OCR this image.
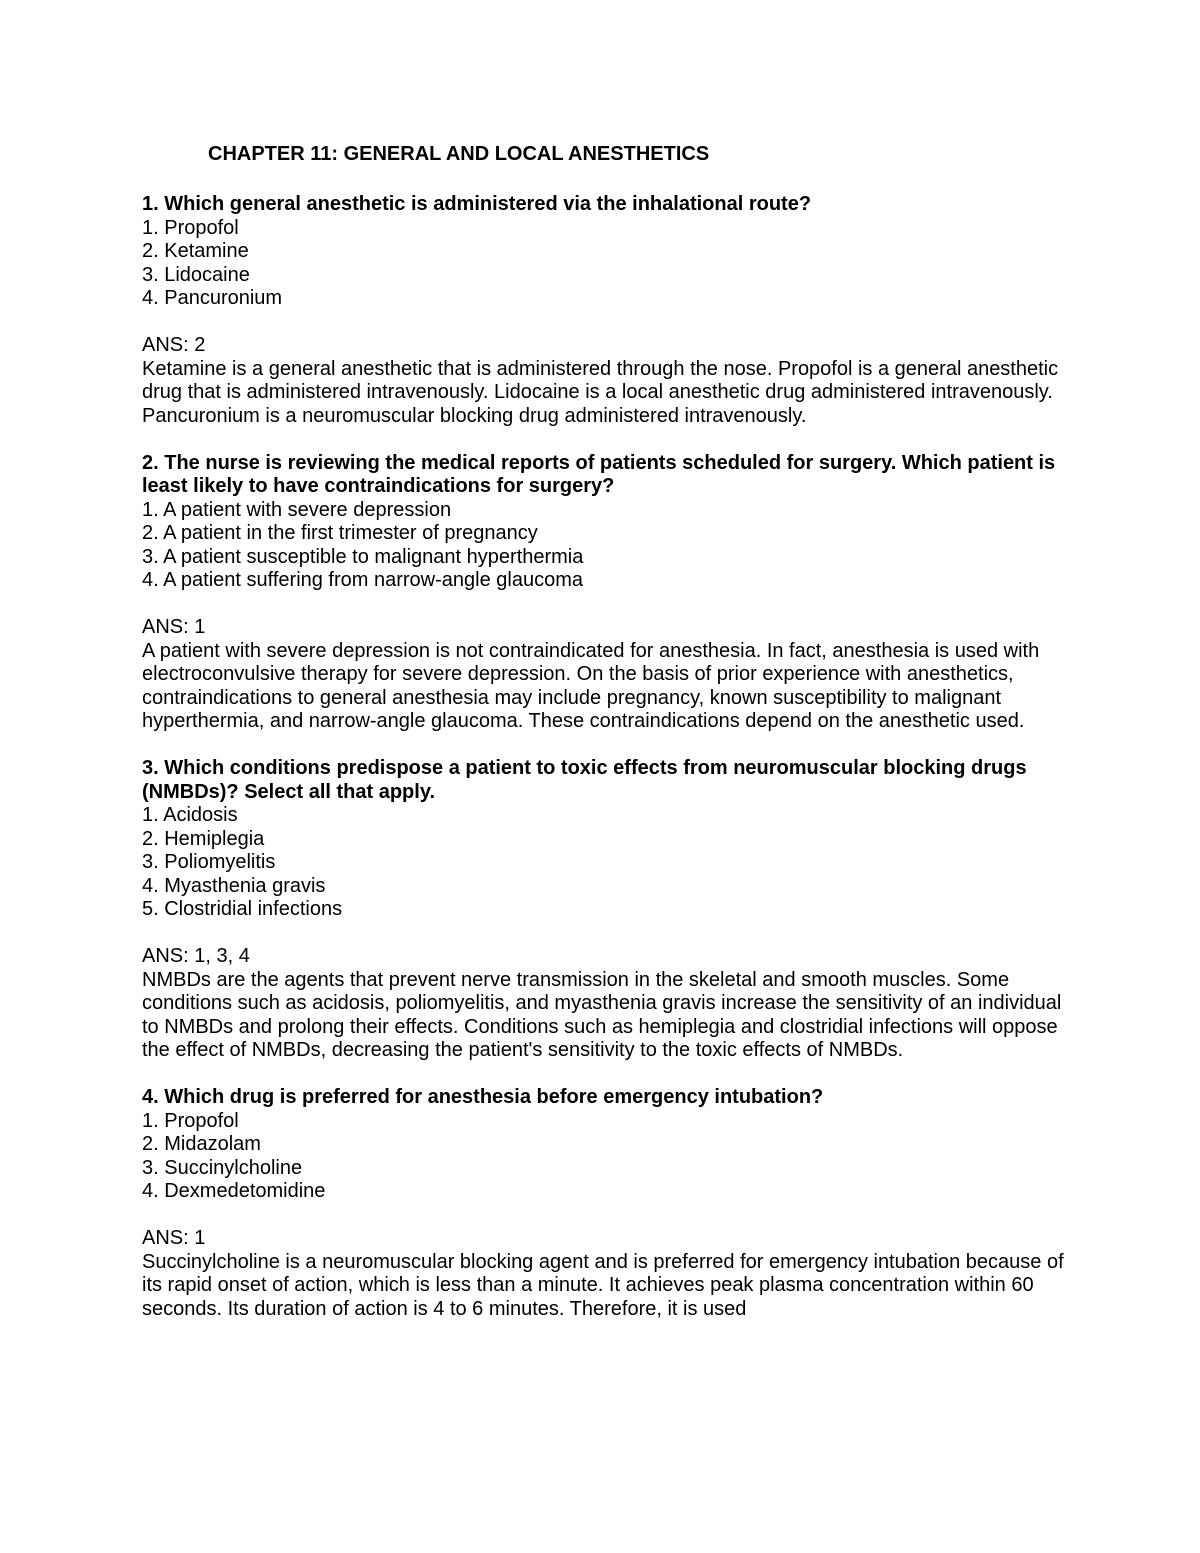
CHAPTER 11: GENERAL AND LOCAL ANESTHETICS

1. Which general anesthetic is administered via the inhalational route?

1. Propofol

2. Ketamine

3. Lidocaine

4. Pancuronium

ANS: 2

Ketamine is a general anesthetic that is administered through the nose. Propofol is a general anesthetic drug that is administered intravenously. Lidocaine is a local anesthetic drug administered intravenously. Pancuronium is a neuromuscular blocking drug administered intravenously.

2. The nurse is reviewing the medical reports of patients scheduled for surgery. Which patient is least likely to have contraindications for surgery?

1. A patient with severe depression

2. A patient in the first trimester of pregnancy

3. A patient susceptible to malignant hyperthermia

4. A patient suffering from narrow-angle glaucoma

ANS: 1

A patient with severe depression is not contraindicated for anesthesia. In fact, anesthesia is used with electroconvulsive therapy for severe depression. On the basis of prior experience with anesthetics, contraindications to general anesthesia may include pregnancy, known susceptibility to malignant hyperthermia, and narrow-angle glaucoma. These contraindications depend on the anesthetic used.

3. Which conditions predispose a patient to toxic effects from neuromuscular blocking drugs (NMBDs)? Select all that apply.

1. Acidosis

2. Hemiplegia

3. Poliomyelitis

4. Myasthenia gravis

5. Clostridial infections

ANS: 1, 3, 4

NMBDs are the agents that prevent nerve transmission in the skeletal and smooth muscles. Some conditions such as acidosis, poliomyelitis, and myasthenia gravis increase the sensitivity of an individual to NMBDs and prolong their effects. Conditions such as hemiplegia and clostridial infections will oppose the effect of NMBDs, decreasing the patient's sensitivity to the toxic effects of NMBDs.

4. Which drug is preferred for anesthesia before emergency intubation?

1. Propofol

2. Midazolam

3. Succinylcholine

4. Dexmedetomidine

ANS: 1

Succinylcholine is a neuromuscular blocking agent and is preferred for emergency intubation because of its rapid onset of action, which is less than a minute. It achieves peak plasma concentration within 60 seconds. Its duration of action is 4 to 6 minutes. Therefore, it is used
